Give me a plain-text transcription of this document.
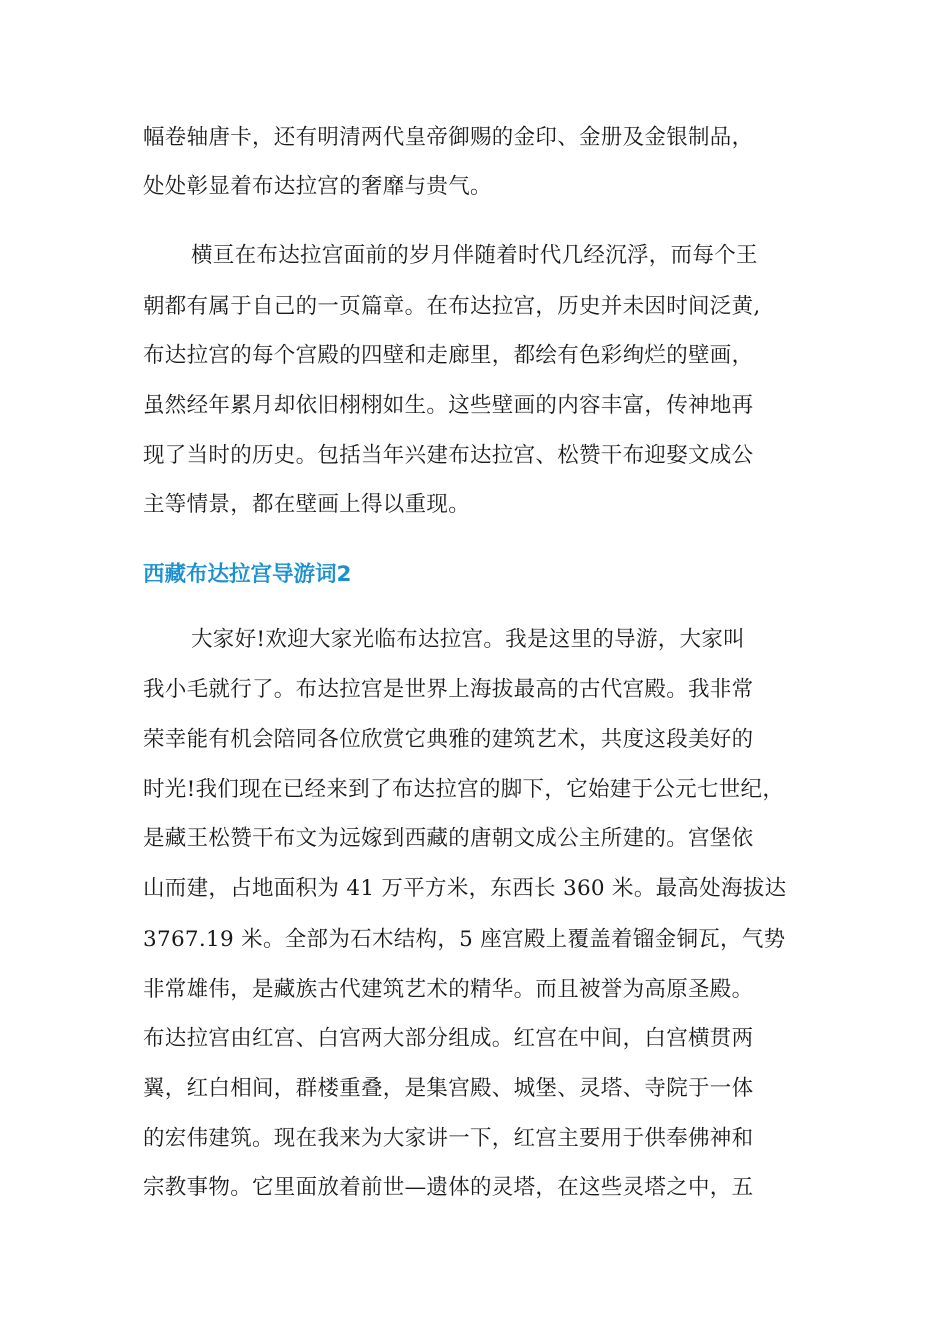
幅卷轴唐卡，还有明清两代皇帝御赐的金印、金册及金银制品，

处处彰显着布达拉宫的奢靡与贵气。

横亘在布达拉宫面前的岁月伴随着时代几经沉浮，而每个王

朝都有属于自己的一页篇章。在布达拉宫，历史并未因时间泛黄,

布达拉宫的每个宫殿的四壁和走廊里，都绘有色彩绚烂的壁画，

虽然经年累月却依旧栩栩如生。这些壁画的内容丰富，传神地再

现了当时的历史。包括当年兴建布达拉宫、松赞干布迎娶文成公

主等情景，都在壁画上得以重现。

西藏布达拉宫导游词2

大家好!欢迎大家光临布达拉宫。我是这里的导游，大家叫

我小毛就行了。布达拉宫是世界上海拔最高的古代宫殿。我非常

荣幸能有机会陪同各位欣赏它典雅的建筑艺术，共度这段美好的

时光!我们现在已经来到了布达拉宫的脚下，它始建于公元七世纪，

是藏王松赞干布文为远嫁到西藏的唐朝文成公主所建的。宫堡依

山而建，占地面积为 41 万平方米，东西长 360 米。最高处海拔达

3767.19 米。全部为石木结构，5 座宫殿上覆盖着镏金铜瓦，气势

非常雄伟，是藏族古代建筑艺术的精华。而且被誉为高原圣殿。

布达拉宫由红宫、白宫两大部分组成。红宫在中间，白宫横贯两

翼，红白相间，群楼重叠，是集宫殿、城堡、灵塔、寺院于一体

的宏伟建筑。现在我来为大家讲一下，红宫主要用于供奉佛神和

宗教事物。它里面放着前世—遗体的灵塔，在这些灵塔之中，五
